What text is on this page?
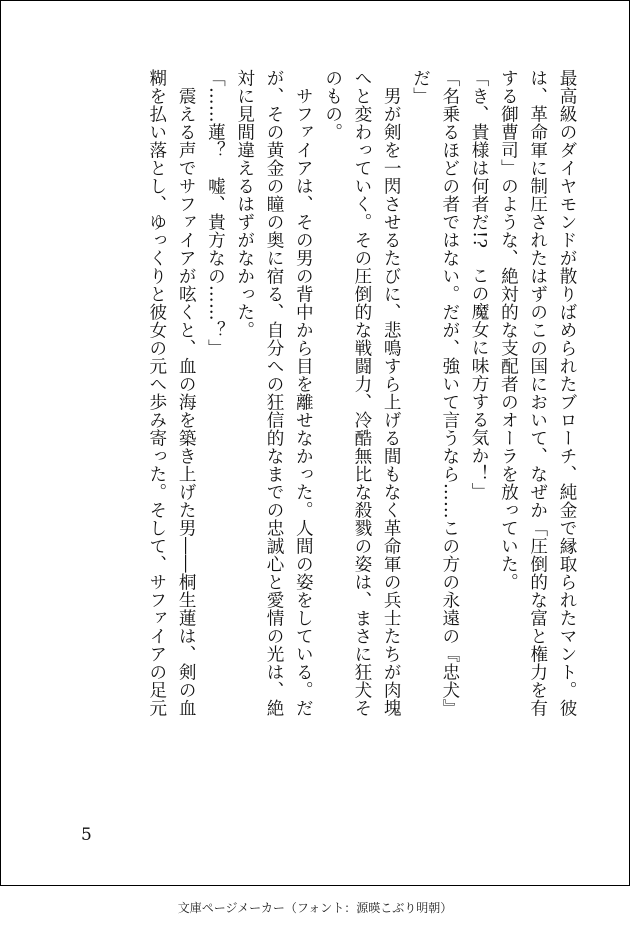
最高級のダイヤモンドが散りばめられたブローチ、純金で縁取られたマント。彼

は、革命軍に制圧されたはずのこの国において、なぜか「圧倒的な富と権力を有

する御曹司」のような、絶対的な支配者のオーラを放っていた。

「き、貴様は何者だ!?　この魔女に味方する気か！」

「名乗るほどの者ではない。だが、強いて言うなら……この方の永遠の『忠犬』

だ」

　男が剣を一閃させるたびに、悲鳴すら上げる間もなく革命軍の兵士たちが肉塊

へと変わっていく。その圧倒的な戦闘力、冷酷無比な殺戮の姿は、まさに狂犬そ

のもの。

　サファイアは、その男の背中から目を離せなかった。人間の姿をしている。だ

が、その黄金の瞳の奥に宿る、自分への狂信的なまでの忠誠心と愛情の光は、絶

対に見間違えるはずがなかった。

「……蓮？　嘘、貴方なの……？」

　震える声でサファイアが呟くと、血の海を築き上げた男――桐生蓮は、剣の血

糊を払い落とし、ゆっくりと彼女の元へ歩み寄った。そして、サファイアの足元

5
文庫ページメーカー（フォント：源暎こぶり明朝）
